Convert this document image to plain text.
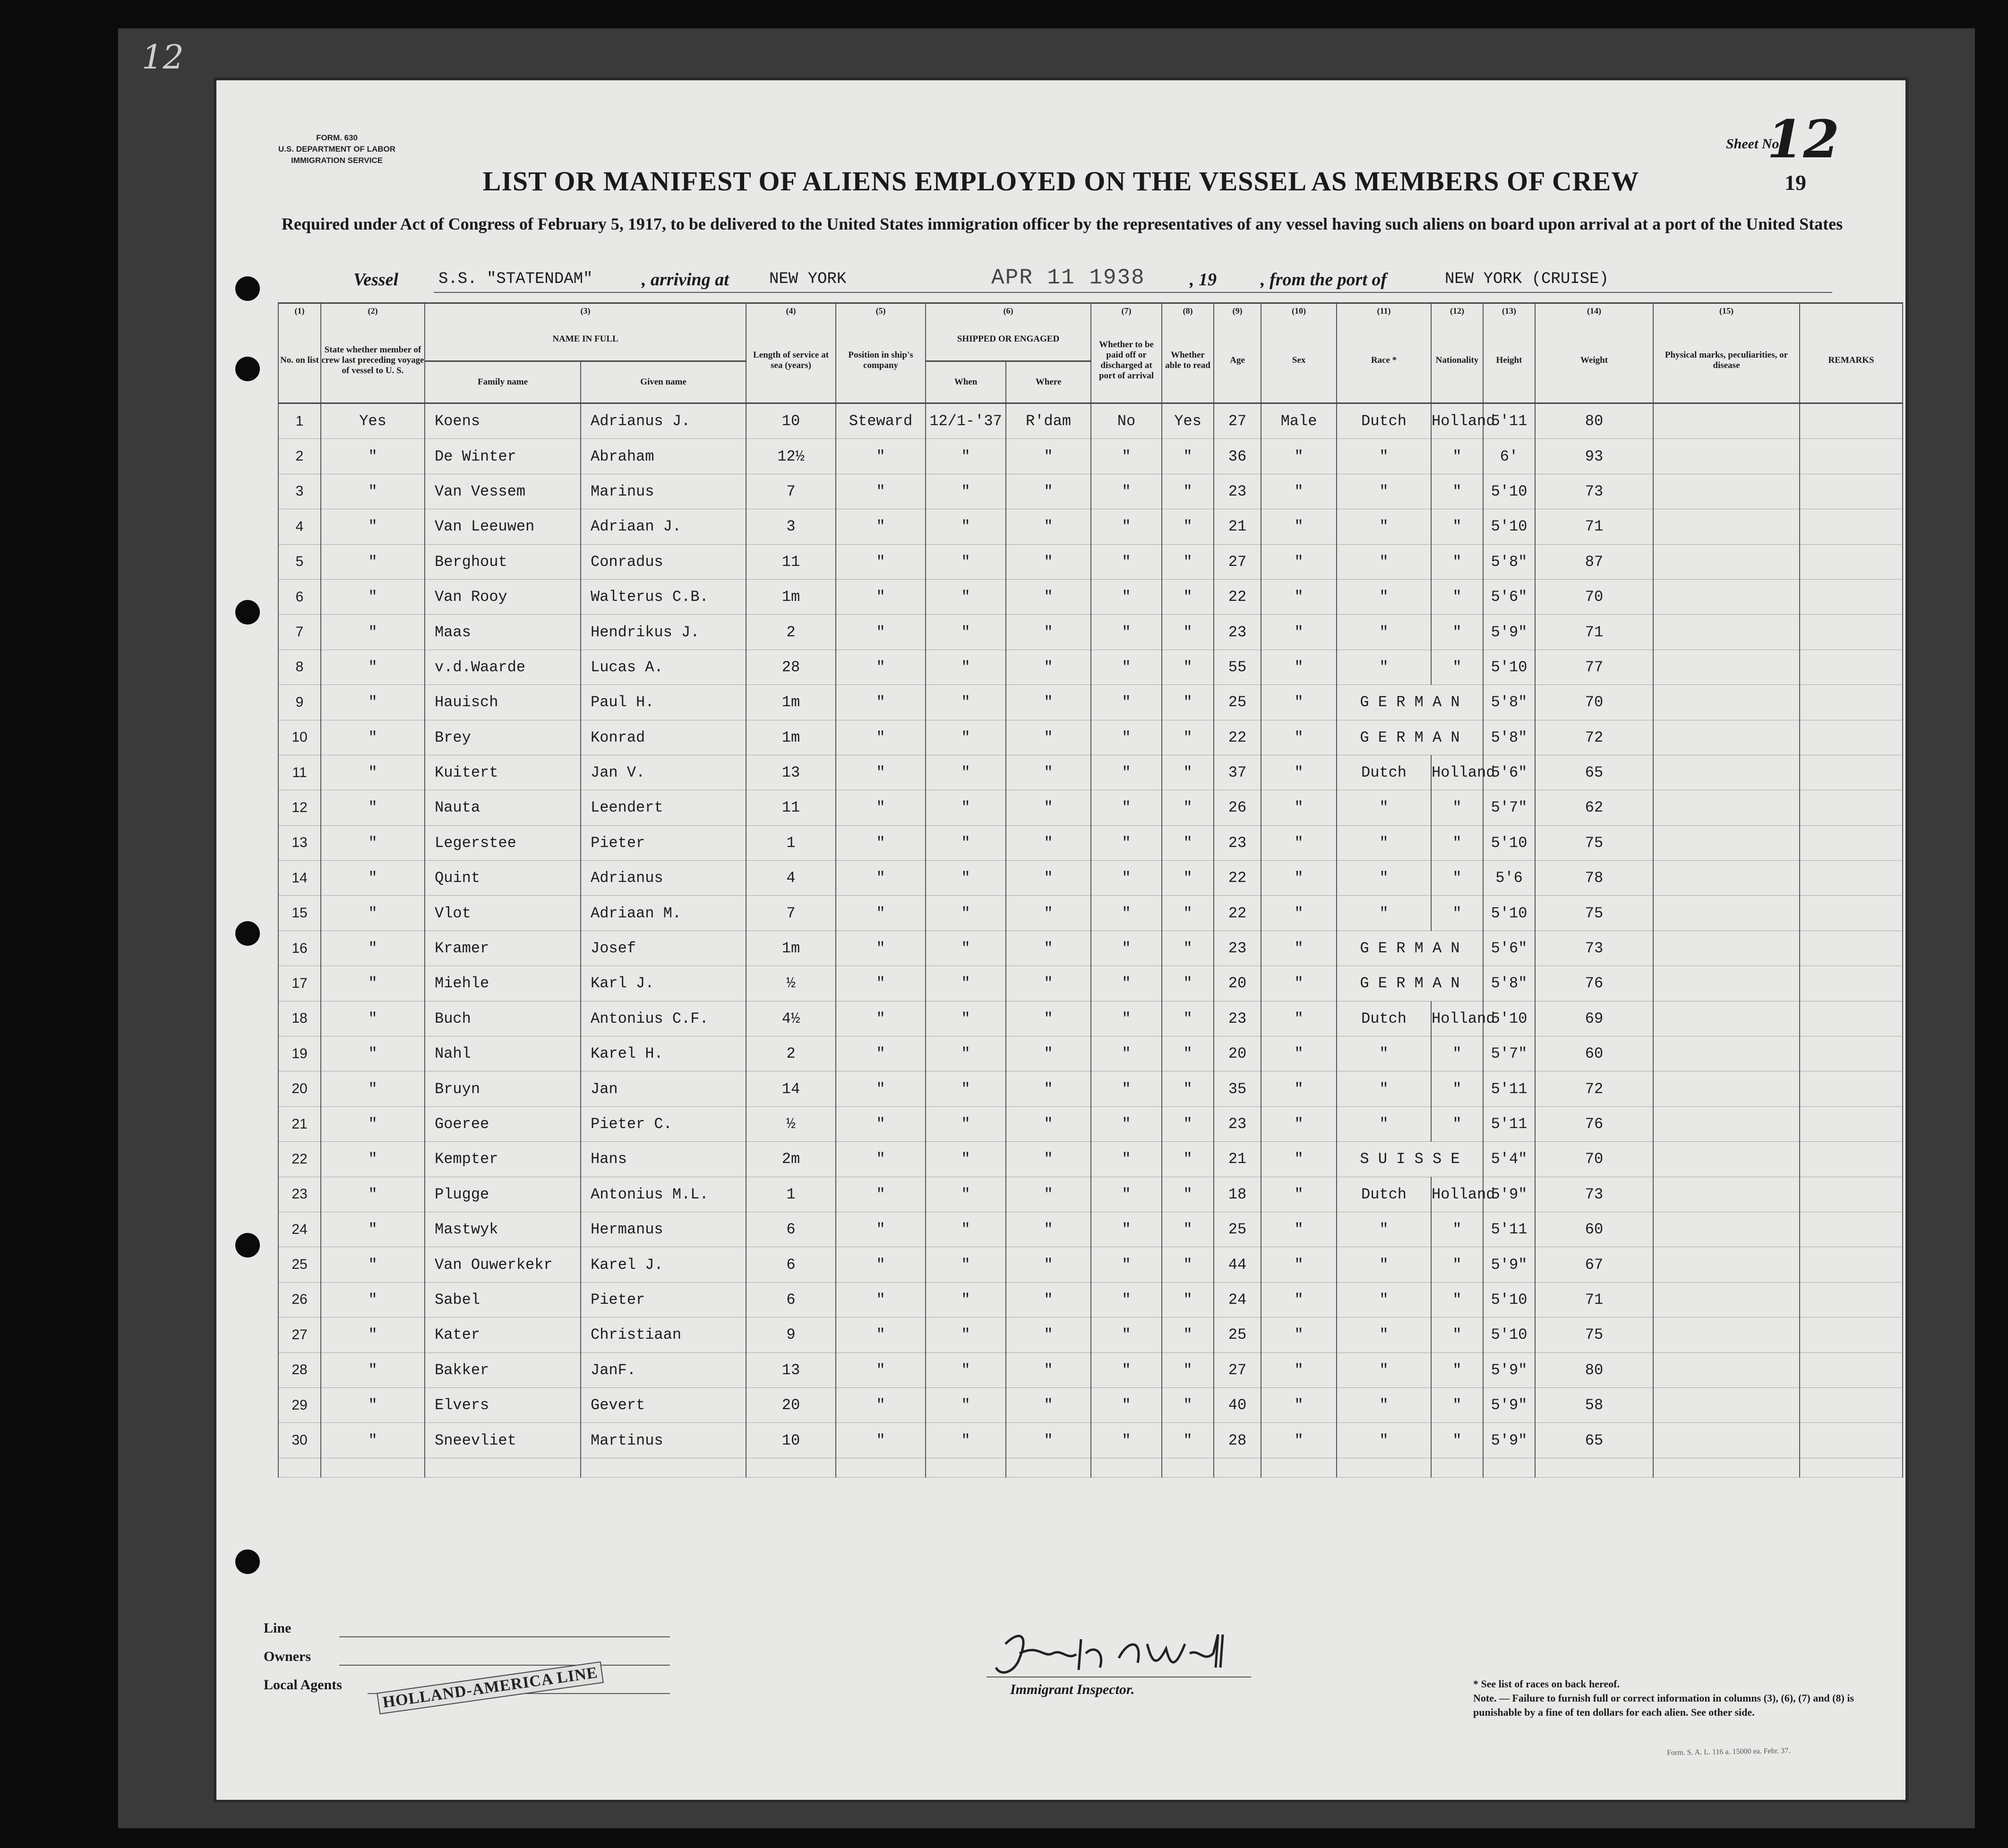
12
FORM. 630
U.S. DEPARTMENT OF LABOR
IMMIGRATION SERVICE
Sheet No.
12
19
LIST OR MANIFEST OF ALIENS EMPLOYED ON THE VESSEL AS MEMBERS OF CREW
Required under Act of Congress of February 5, 1917, to be delivered to the United States immigration officer by the representatives of any vessel having such aliens on board upon arrival at a port of the United States
Vessel	S.S. "STATENDAM"	, arriving at	NEW YORK	APR 11 1938 , 19 , from the port of	NEW YORK (CRUISE)
(1)	(2)	(3)		(4)	(5)	(6)		(7)	(8)	(9)	(10)	(11)	(12)	(13)	(14)	(15)	
No. on list	State whether member of crew last preceding voyage of vessel to U. S.	NAME IN FULL		Length of service at sea (years)	Position in ship's company	SHIPPED OR ENGAGED		Whether to be paid off or discharged at port of arrival	Whether able to read	Age	Sex	Race *	Nationality	Height	Weight	Physical marks, peculiarities, or disease	REMARKS
		Family name	Given name			When	Where										
1	Yes	Koens	Adrianus J.	10	Steward	12/1-'37	R'dam	No	Yes	27	Male	Dutch	Holland	5'11	80		
2	"	De Winter	Abraham	12½	"	"	"	"	"	36	"	"	"	6'	93		
3	"	Van Vessem	Marinus	7	"	"	"	"	"	23	"	"	"	5'10	73		
4	"	Van Leeuwen	Adriaan J.	3	"	"	"	"	"	21	"	"	"	5'10	71		
5	"	Berghout	Conradus	11	"	"	"	"	"	27	"	"	"	5'8"	87		
6	"	Van Rooy	Walterus C.B.	1m	"	"	"	"	"	22	"	"	"	5'6"	70		
7	"	Maas	Hendrikus J.	2	"	"	"	"	"	23	"	"	"	5'9"	71		
8	"	v.d.Waarde	Lucas A.	28	"	"	"	"	"	55	"	"	"	5'10	77		
9	"	Hauisch	Paul H.	1m	"	"	"	"	"	25	"	G E R M A N		5'8"	70		
10	"	Brey	Konrad	1m	"	"	"	"	"	22	"	G E R M A N		5'8"	72		
11	"	Kuitert	Jan V.	13	"	"	"	"	"	37	"	Dutch	Holland	5'6"	65		
12	"	Nauta	Leendert	11	"	"	"	"	"	26	"	"	"	5'7"	62		
13	"	Legerstee	Pieter	1	"	"	"	"	"	23	"	"	"	5'10	75		
14	"	Quint	Adrianus	4	"	"	"	"	"	22	"	"	"	5'6	78		
15	"	Vlot	Adriaan M.	7	"	"	"	"	"	22	"	"	"	5'10	75		
16	"	Kramer	Josef	1m	"	"	"	"	"	23	"	G E R M A N		5'6"	73		
17	"	Miehle	Karl J.	½	"	"	"	"	"	20	"	G E R M A N		5'8"	76		
18	"	Buch	Antonius C.F.	4½	"	"	"	"	"	23	"	Dutch	Holland	5'10	69		
19	"	Nahl	Karel H.	2	"	"	"	"	"	20	"	"	"	5'7"	60		
20	"	Bruyn	Jan	14	"	"	"	"	"	35	"	"	"	5'11	72		
21	"	Goeree	Pieter C.	½	"	"	"	"	"	23	"	"	"	5'11	76		
22	"	Kempter	Hans	2m	"	"	"	"	"	21	"	S U I S S E		5'4"	70		
23	"	Plugge	Antonius M.L.	1	"	"	"	"	"	18	"	Dutch	Holland	5'9"	73		
24	"	Mastwyk	Hermanus	6	"	"	"	"	"	25	"	"	"	5'11	60		
25	"	Van Ouwerkekr	Karel J.	6	"	"	"	"	"	44	"	"	"	5'9"	67		
26	"	Sabel	Pieter	6	"	"	"	"	"	24	"	"	"	5'10	71		
27	"	Kater	Christiaan	9	"	"	"	"	"	25	"	"	"	5'10	75		
28	"	Bakker	JanF.	13	"	"	"	"	"	27	"	"	"	5'9"	80		
29	"	Elvers	Gevert	20	"	"	"	"	"	40	"	"	"	5'9"	58		
30	"	Sneevliet	Martinus	10	"	"	"	"	"	28	"	"	"	5'9"	65		

Line
Owners
Local Agents	HOLLAND-AMERICA LINE	Immigrant Inspector.	* See list of races on back hereof.
Note. — Failure to furnish full or correct information in columns (3), (6), (7) and (8) is punishable by a fine of ten dollars for each alien. See other side.
Form. S. A. L. 116 a. 15000 ea. Febr. 37.
